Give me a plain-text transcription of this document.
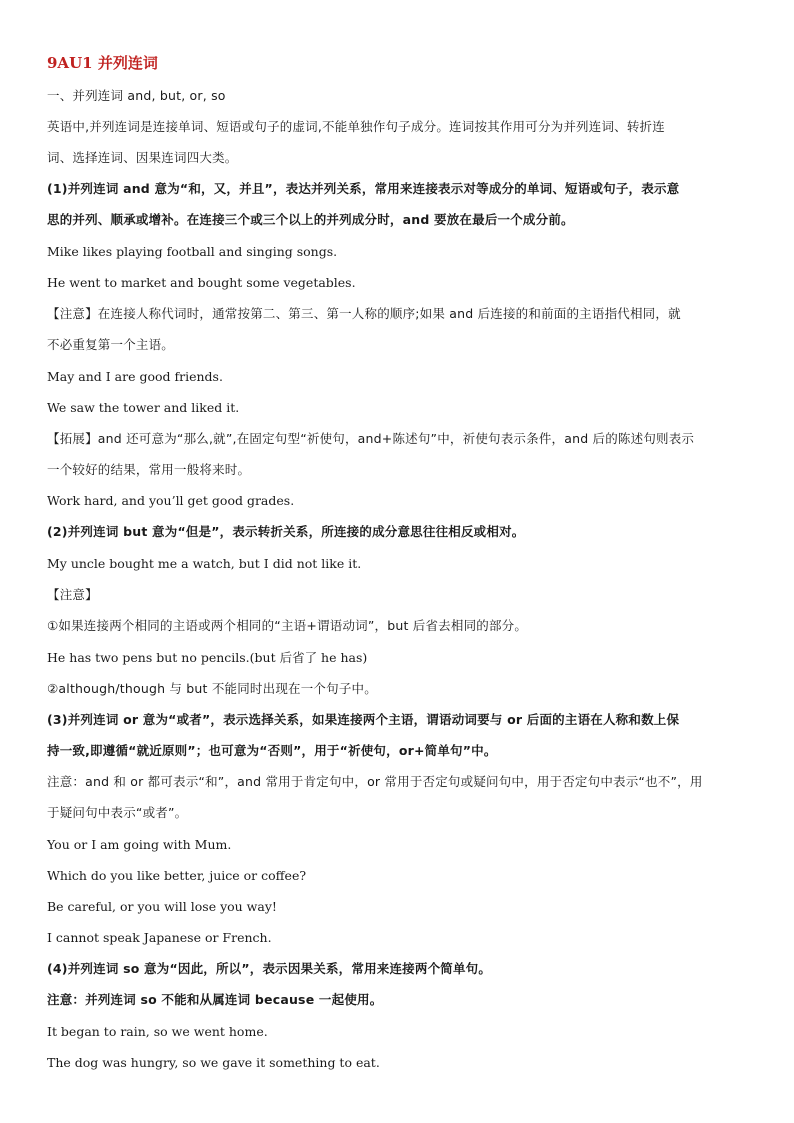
9AU1 并列连词
一、并列连词 and, but, or, so
英语中,并列连词是连接单词、短语或句子的虚词,不能单独作句子成分。连词按其作用可分为并列连词、转折连
词、选择连词、因果连词四大类。
(1)并列连词 and 意为“和，又，并且”，表达并列关系，常用来连接表示对等成分的单词、短语或句子，表示意
思的并列、顺承或增补。在连接三个或三个以上的并列成分时，and 要放在最后一个成分前。
Mike likes playing football and singing songs.
He went to market and bought some vegetables.
【注意】在连接人称代词时，通常按第二、第三、第一人称的顺序;如果 and 后连接的和前面的主语指代相同，就
不必重复第一个主语。
May and I are good friends.
We saw the tower and liked it.
【拓展】and 还可意为“那么,就”,在固定句型“祈使句，and+陈述句”中，祈使句表示条件，and 后的陈述句则表示
一个较好的结果，常用一般将来时。
Work hard, and you’ll get good grades.
(2)并列连词 but 意为“但是”，表示转折关系，所连接的成分意思往往相反或相对。
My uncle bought me a watch, but I did not like it.
【注意】
①如果连接两个相同的主语或两个相同的“主语+谓语动词”，but 后省去相同的部分。
He has two pens but no pencils.(but 后省了 he has)
②although/though 与 but 不能同时出现在一个句子中。
(3)并列连词 or 意为“或者”，表示选择关系，如果连接两个主语，谓语动词要与 or 后面的主语在人称和数上保
持一致,即遵循“就近原则”；也可意为“否则”，用于“祈使句，or+简单句”中。
注意：and 和 or 都可表示“和”，and 常用于肯定句中，or 常用于否定句或疑问句中，用于否定句中表示“也不”，用
于疑问句中表示“或者”。
You or I am going with Mum.
Which do you like better, juice or coffee?
Be careful, or you will lose you way!
I cannot speak Japanese or French.
(4)并列连词 so 意为“因此，所以”，表示因果关系，常用来连接两个简单句。
注意：并列连词 so 不能和从属连词 because 一起使用。
It began to rain, so we went home.
The dog was hungry, so we gave it something to eat.
